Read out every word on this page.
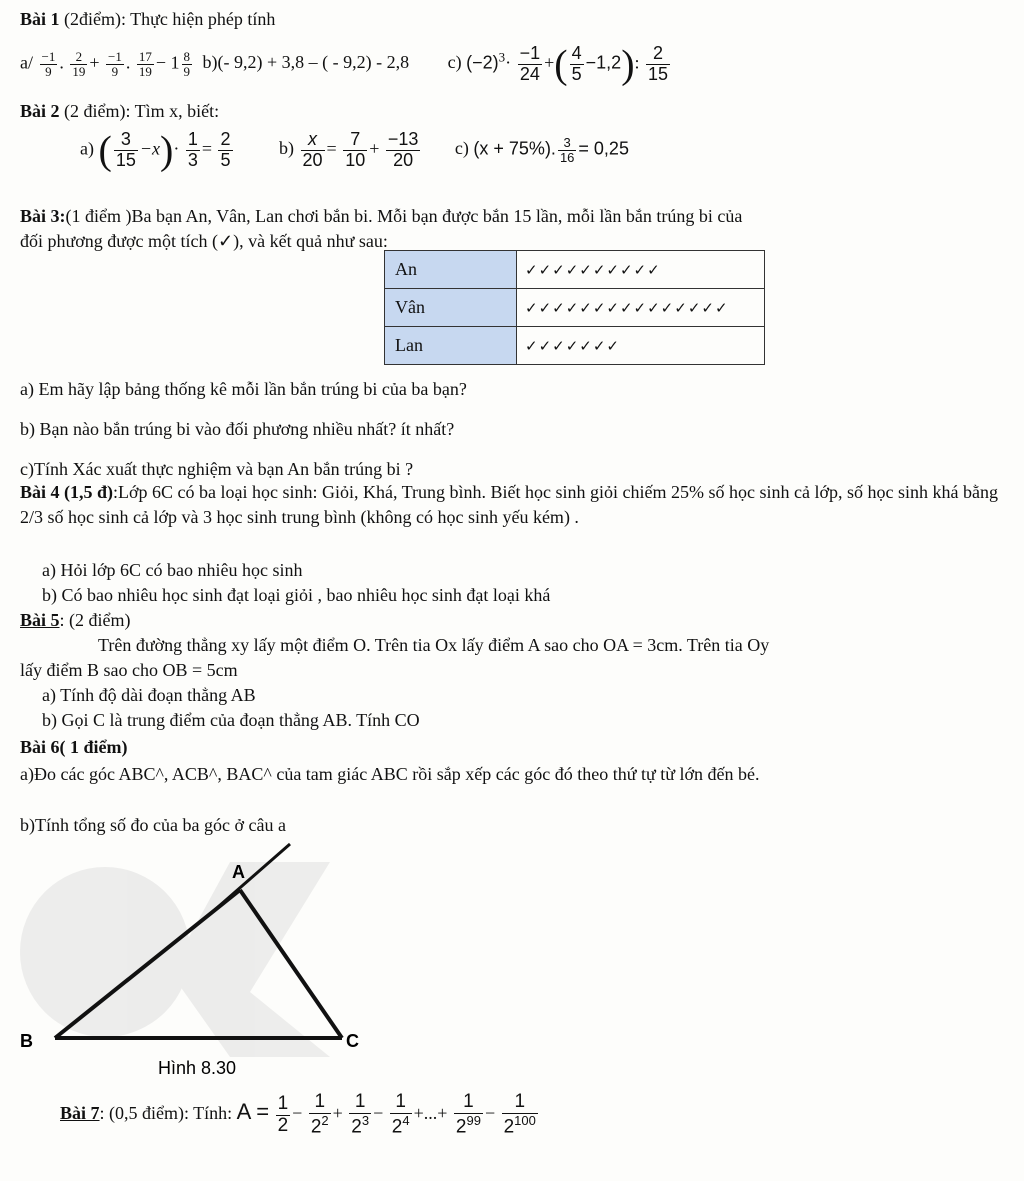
Bài 1 (2điểm): Thực hiện phép tính
$a/ \frac{-1}{9}$ . $\frac{2}{19} + \frac{-1}{9}$ . $\frac{17}{19} - 1 \frac{8}{9} b)(-$ 9,2) + 3,8 – ( - 9,2) - 2,8 c) $(-2)^3\cdot \frac{-1}{24}$ +( $\frac{4}{5} -1,2$): $\frac{2}{15}$
Bài 2 (2 điểm): Tìm x, biết:
a) ( $\frac{3}{15} -x)\cdot \frac{1}{3} = \frac{2}{5}$	$b) \frac{x}{20} = \frac{7}{10} + \frac{-13}{20} c$) (x + 75%). $\frac{3}{16} = 0,25$
Bài 3:(1 điểm )Ba bạn An, Vân, Lan chơi bắn bi. Mỗi bạn được bắn 15 lần, mỗi lần bắn trúng bi của
đối phương được một tích (✓), và kết quả như sau:
An	✓✓✓✓✓✓✓✓✓✓
Vân	✓✓✓✓✓✓✓✓✓✓✓✓✓✓✓
Lan	✓✓✓✓✓✓✓
a) Em hãy lập bảng thống kê mỗi lần bắn trúng bi của ba bạn?
b) Bạn nào bắn trúng bi vào đối phương nhiều nhất? ít nhất?
c)Tính Xác xuất thực nghiệm và bạn An bắn trúng bi ?
Bài 4 (1,5 đ):Lớp 6C có ba loại học sinh: Giỏi, Khá, Trung bình. Biết học sinh giỏi chiếm 25% số học sinh cả lớp, số học sinh khá bằng 2/3 số học sinh cả lớp và 3 học sinh trung bình (không có học sinh yếu kém) .
a) Hỏi lớp 6C có bao nhiêu học sinh
b) Có bao nhiêu học sinh đạt loại giỏi , bao nhiêu học sinh đạt loại khá
Bài 5: (2 điểm)
Trên đường thẳng xy lấy một điểm O. Trên tia Ox lấy điểm A sao cho OA = 3cm. Trên tia Oy
lấy điểm B sao cho OB = 5cm
a) Tính độ dài đoạn thẳng AB
b) Gọi C là trung điểm của đoạn thẳng AB. Tính CO
Bài 6( 1 điểm)
a)Đo các góc ABC^, ACB^, BAC^ của tam giác ABC rồi sắp xếp các góc đó theo thứ tự từ lớn đến bé.
b)Tính tổng số đo của ba góc ở câu a
A
B	C
Hình 8.30
Bài 7: (0,5 điểm): Tính: $A = \frac{1}{2} - \frac{1}{2^2} + \frac{1}{2^3} - \frac{1}{2^4}$ +...+ $\frac{1}{2^{99}} - \frac{1}{2^{100}}$
